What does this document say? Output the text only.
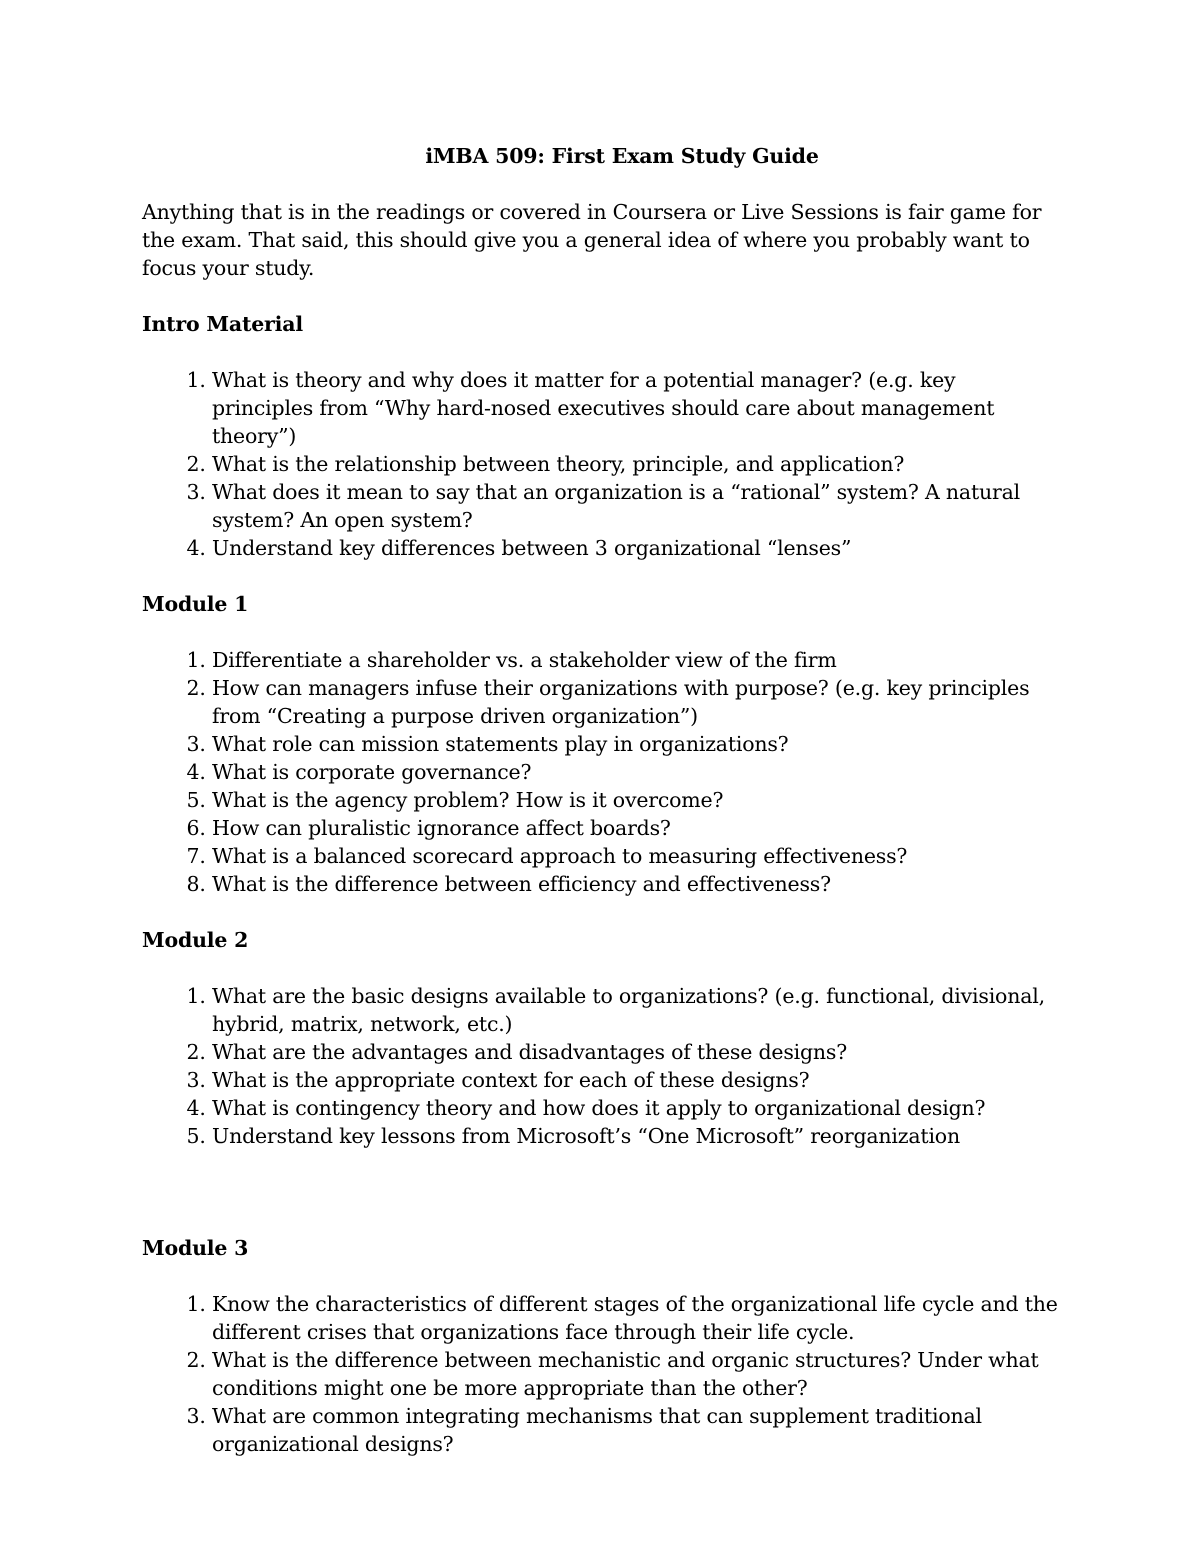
iMBA 509: First Exam Study Guide
Anything that is in the readings or covered in Coursera or Live Sessions is fair game for the exam. That said, this should give you a general idea of where you probably want to focus your study.
Intro Material
1. What is theory and why does it matter for a potential manager? (e.g. key principles from “Why hard-nosed executives should care about management theory”)
2. What is the relationship between theory, principle, and application?
3. What does it mean to say that an organization is a “rational” system? A natural system? An open system?
4. Understand key differences between 3 organizational “lenses”
Module 1
1. Differentiate a shareholder vs. a stakeholder view of the firm
2. How can managers infuse their organizations with purpose? (e.g. key principles from “Creating a purpose driven organization”)
3. What role can mission statements play in organizations?
4. What is corporate governance?
5. What is the agency problem? How is it overcome?
6. How can pluralistic ignorance affect boards?
7. What is a balanced scorecard approach to measuring effectiveness?
8. What is the difference between efficiency and effectiveness?
Module 2
1. What are the basic designs available to organizations? (e.g. functional, divisional, hybrid, matrix, network, etc.)
2. What are the advantages and disadvantages of these designs?
3. What is the appropriate context for each of these designs?
4. What is contingency theory and how does it apply to organizational design?
5. Understand key lessons from Microsoft’s “One Microsoft” reorganization
Module 3
1. Know the characteristics of different stages of the organizational life cycle and the different crises that organizations face through their life cycle.
2. What is the difference between mechanistic and organic structures? Under what conditions might one be more appropriate than the other?
3. What are common integrating mechanisms that can supplement traditional organizational designs?
